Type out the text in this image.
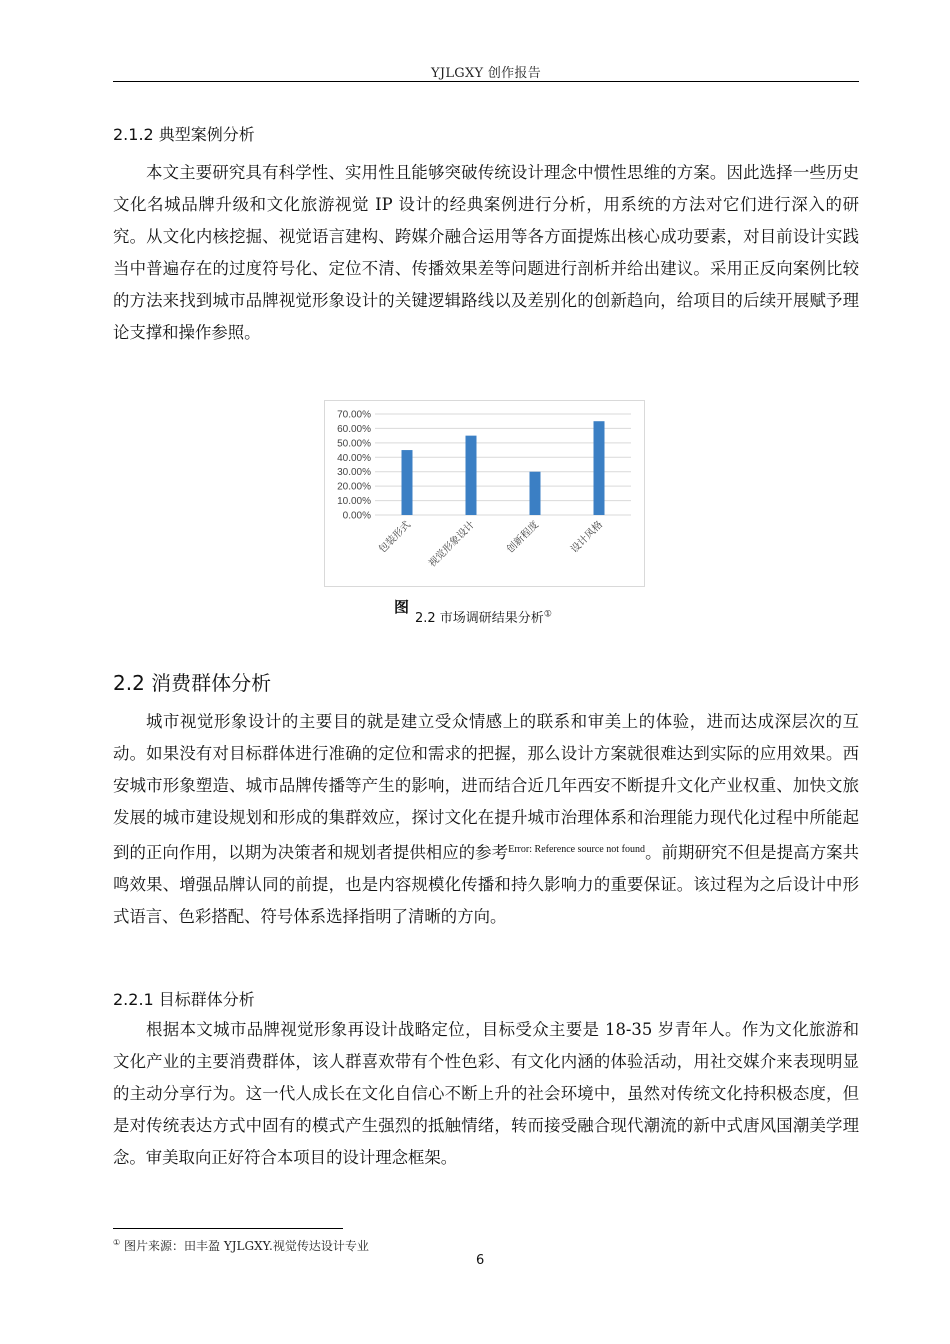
YJLGXY 创作报告
2.1.2 典型案例分析

本文主要研究具有科学性、实用性且能够突破传统设计理念中惯性思维的方案。因此选择一些历史文化名城品牌升级和文化旅游视觉 IP 设计的经典案例进行分析，用系统的方法对它们进行深入的研究。从文化内核挖掘、视觉语言建构、跨媒介融合运用等各方面提炼出核心成功要素，对目前设计实践当中普遍存在的过度符号化、定位不清、传播效果差等问题进行剖析并给出建议。采用正反向案例比较的方法来找到城市品牌视觉形象设计的关键逻辑路线以及差别化的创新趋向，给项目的后续开展赋予理论支撑和操作参照。

70.00%
60.00%
50.00%
40.00%
30.00%
20.00%
10.00%
0.00%
包装形式 视觉形象设计	创新程度	设计风格
图
2.2 市场调研结果分析①
2.2 消费群体分析

城市视觉形象设计的主要目的就是建立受众情感上的联系和审美上的体验，进而达成深层次的互动。如果没有对目标群体进行准确的定位和需求的把握，那么设计方案就很难达到实际的应用效果。西安城市形象塑造、城市品牌传播等产生的影响，进而结合近几年西安不断提升文化产业权重、加快文旅发展的城市建设规划和形成的集群效应，探讨文化在提升城市治理体系和治理能力现代化过程中所能起到的正向作用，以期为决策者和规划者提供相应的参考$^{Error: Reference source not found}$。前期研究不但是提高方案共鸣效果、增强品牌认同的前提，也是内容规模化传播和持久影响力的重要保证。该过程为之后设计中形式语言、色彩搭配、符号体系选择指明了清晰的方向。

2.2.1 目标群体分析

根据本文城市品牌视觉形象再设计战略定位，目标受众主要是 18-35 岁青年人。作为文化旅游和文化产业的主要消费群体，该人群喜欢带有个性色彩、有文化内涵的体验活动，用社交媒介来表现明显的主动分享行为。这一代人成长在文化自信心不断上升的社会环境中，虽然对传统文化持积极态度，但是对传统表达方式中固有的模式产生强烈的抵触情绪，转而接受融合现代潮流的新中式唐风国潮美学理念。审美取向正好符合本项目的设计理念框架。

① 图片来源：田丰盈 YJLGXY.视觉传达设计专业
6
